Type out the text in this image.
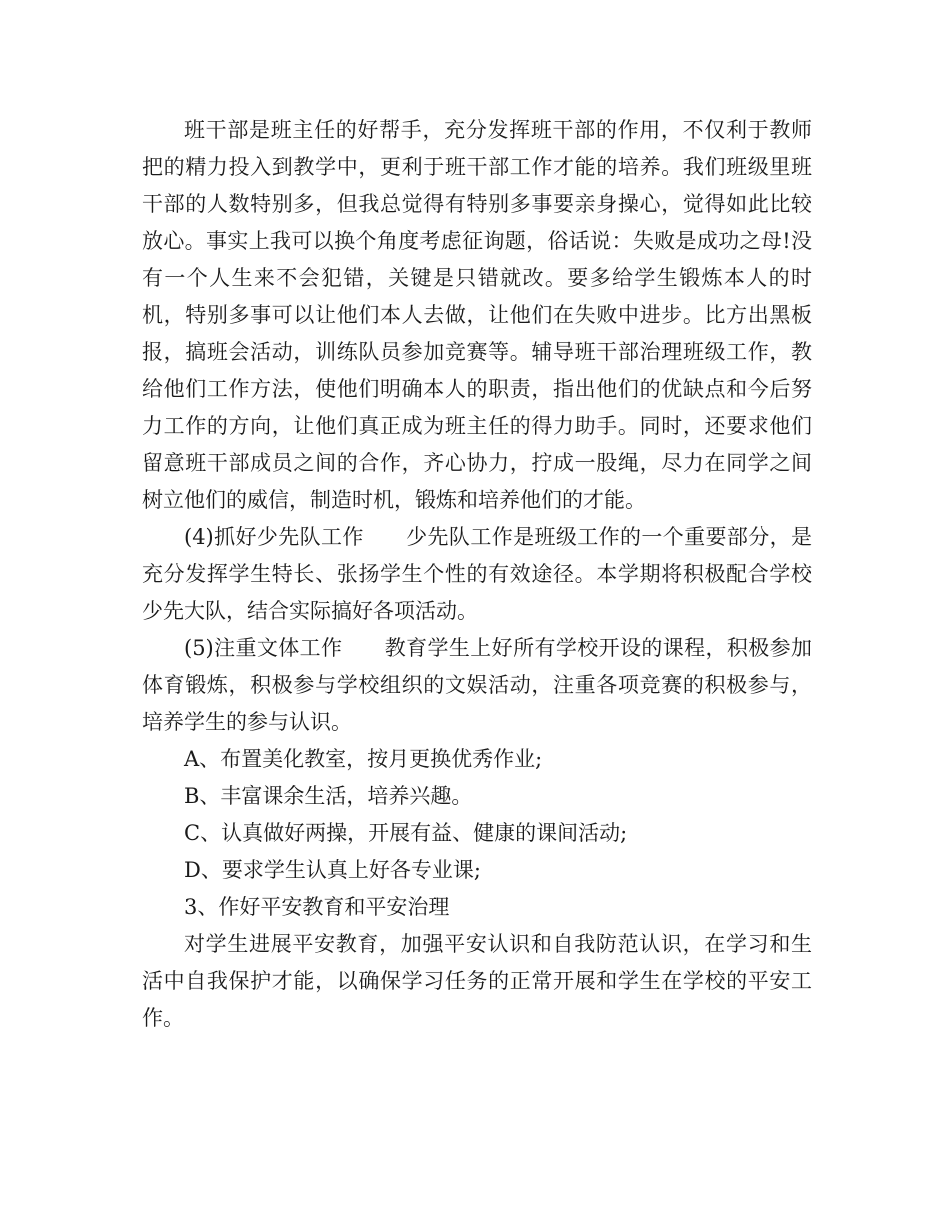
班干部是班主任的好帮手，充分发挥班干部的作用，不仅利于教师把的精力投入到教学中，更利于班干部工作才能的培养。我们班级里班干部的人数特别多，但我总觉得有特别多事要亲身操心，觉得如此比较放心。事实上我可以换个角度考虑征询题，俗话说：失败是成功之母!没有一个人生来不会犯错，关键是只错就改。要多给学生锻炼本人的时机，特别多事可以让他们本人去做，让他们在失败中进步。比方出黑板报，搞班会活动，训练队员参加竞赛等。辅导班干部治理班级工作，教给他们工作方法，使他们明确本人的职责，指出他们的优缺点和今后努力工作的方向，让他们真正成为班主任的得力助手。同时，还要求他们留意班干部成员之间的合作，齐心协力，拧成一股绳，尽力在同学之间树立他们的威信，制造时机，锻炼和培养他们的才能。

(4)抓好少先队工作 少先队工作是班级工作的一个重要部分，是充分发挥学生特长、张扬学生个性的有效途径。本学期将积极配合学校少先大队，结合实际搞好各项活动。

(5)注重文体工作 教育学生上好所有学校开设的课程，积极参加体育锻炼，积极参与学校组织的文娱活动，注重各项竞赛的积极参与，培养学生的参与认识。

A、布置美化教室，按月更换优秀作业;

B、丰富课余生活，培养兴趣。

C、认真做好两操，开展有益、健康的课间活动;

D、要求学生认真上好各专业课;

3、作好平安教育和平安治理

对学生进展平安教育，加强平安认识和自我防范认识，在学习和生活中自我保护才能，以确保学习任务的正常开展和学生在学校的平安工作。
